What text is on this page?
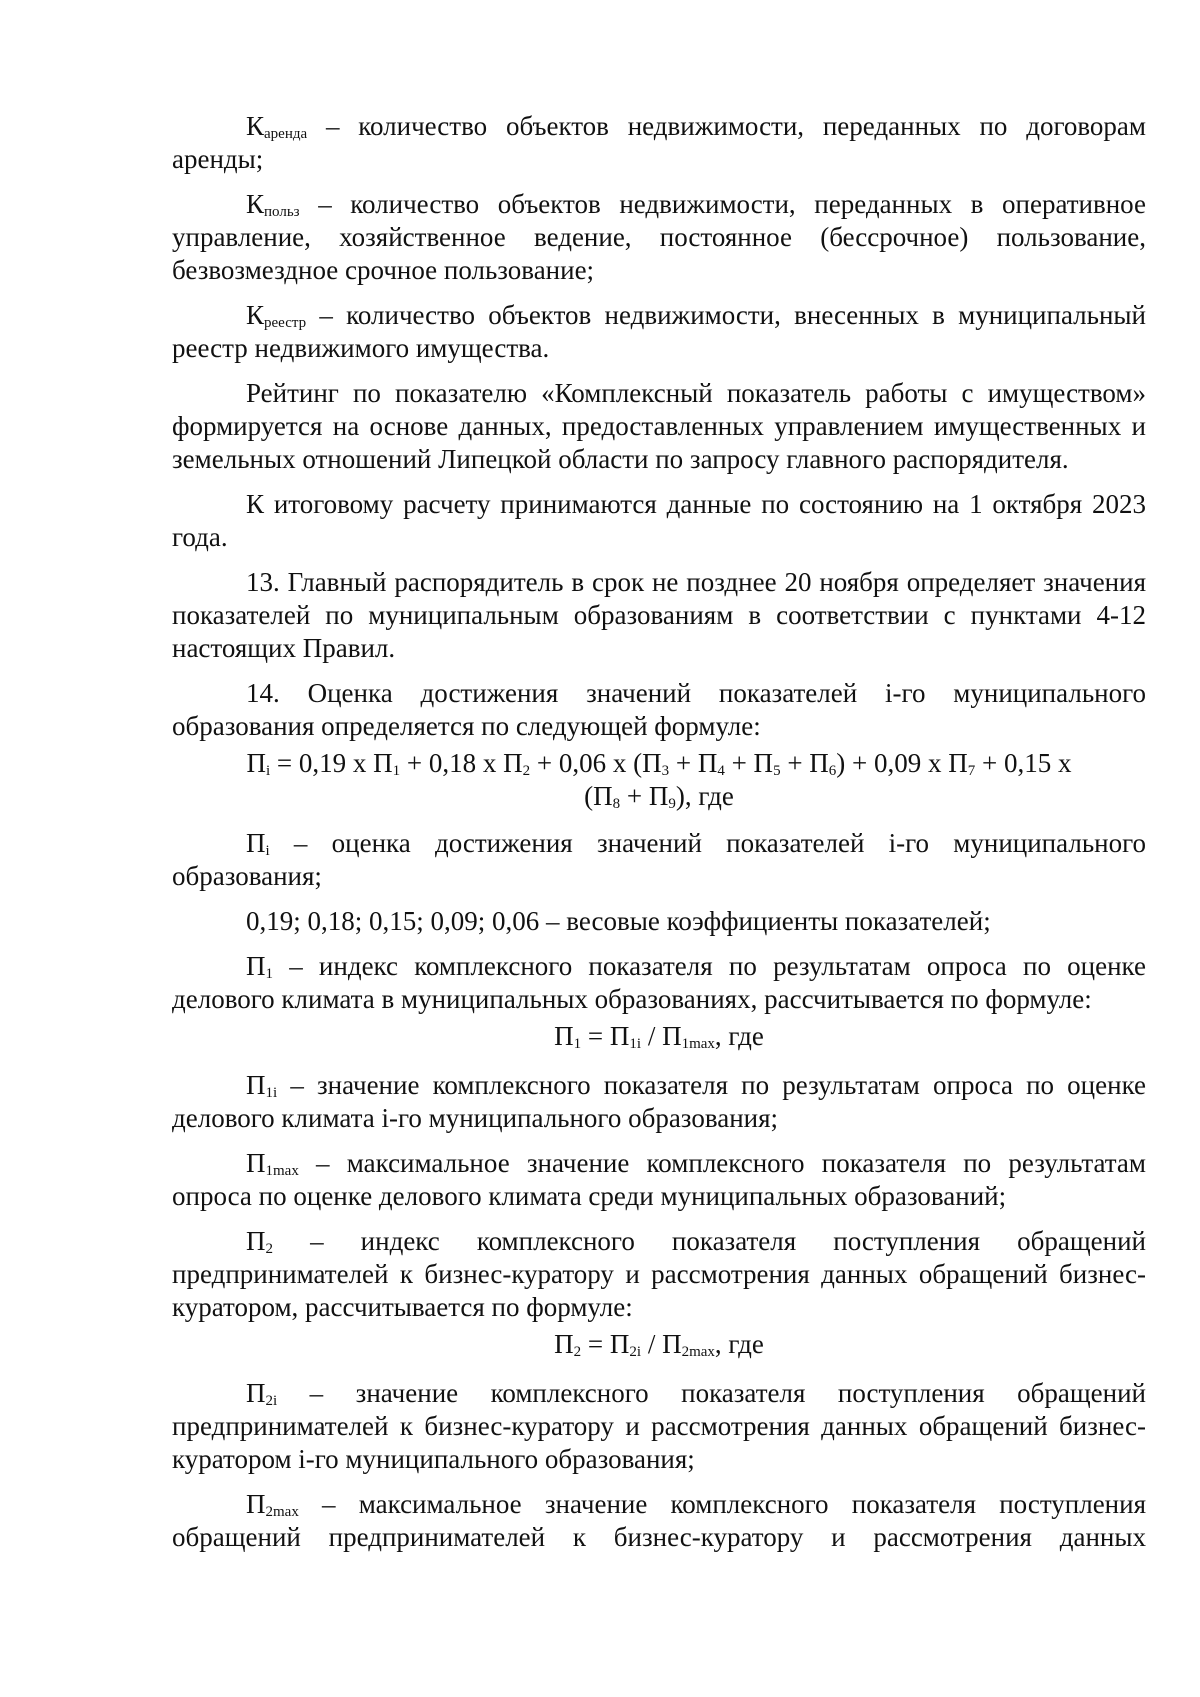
$К_{аренда}$ – количество объектов недвижимости, переданных по договорам аренды;

$К_{польз}$ – количество объектов недвижимости, переданных в оперативное управление, хозяйственное ведение, постоянное (бессрочное) пользование, безвозмездное срочное пользование;

$К_{реестр}$ – количество объектов недвижимости, внесенных в муниципальный реестр недвижимого имущества.

Рейтинг по показателю «Комплексный показатель работы с имуществом» формируется на основе данных, предоставленных управлением имущественных и земельных отношений Липецкой области по запросу главного распорядителя.

К итоговому расчету принимаются данные по состоянию на 1 октября 2023 года.

13. Главный распорядитель в срок не позднее 20 ноября определяет значения показателей по муниципальным образованиям в соответствии с пунктами 4-12 настоящих Правил.

14. Оценка достижения значений показателей i-го муниципального образования определяется по следующей формуле:

$П_i = 0,19$ х $П_1 + 0,18$ х $П_2 + 0,06$ х $(П_3 + П_4 + П_5 + П_6) + 0,09$ х $П_7 + 0,15$ х
$(П_8 + П_9)$, где

$П_i$ – оценка достижения значений показателей i-го муниципального образования;

0,19; 0,18; 0,15; 0,09; 0,06 – весовые коэффициенты показателей;

$П_1$ – индекс комплексного показателя по результатам опроса по оценке делового климата в муниципальных образованиях, рассчитывается по формуле:

$П_1 = П_{1i} / П_{1max}$, где

$П_{1i}$ – значение комплексного показателя по результатам опроса по оценке делового климата i-го муниципального образования;

$П_{1max}$ – максимальное значение комплексного показателя по результатам опроса по оценке делового климата среди муниципальных образований;

$П_2$ – индекс комплексного показателя поступления обращений предпринимателей к бизнес-куратору и рассмотрения данных обращений бизнес-куратором, рассчитывается по формуле:

$П_2 = П_{2i} / П_{2max}$, где

$П_{2i}$ – значение комплексного показателя поступления обращений предпринимателей к бизнес-куратору и рассмотрения данных обращений бизнес-куратором i-го муниципального образования;

$П_{2max}$ – максимальное значение комплексного показателя поступления обращений предпринимателей к бизнес-куратору и рассмотрения данных
